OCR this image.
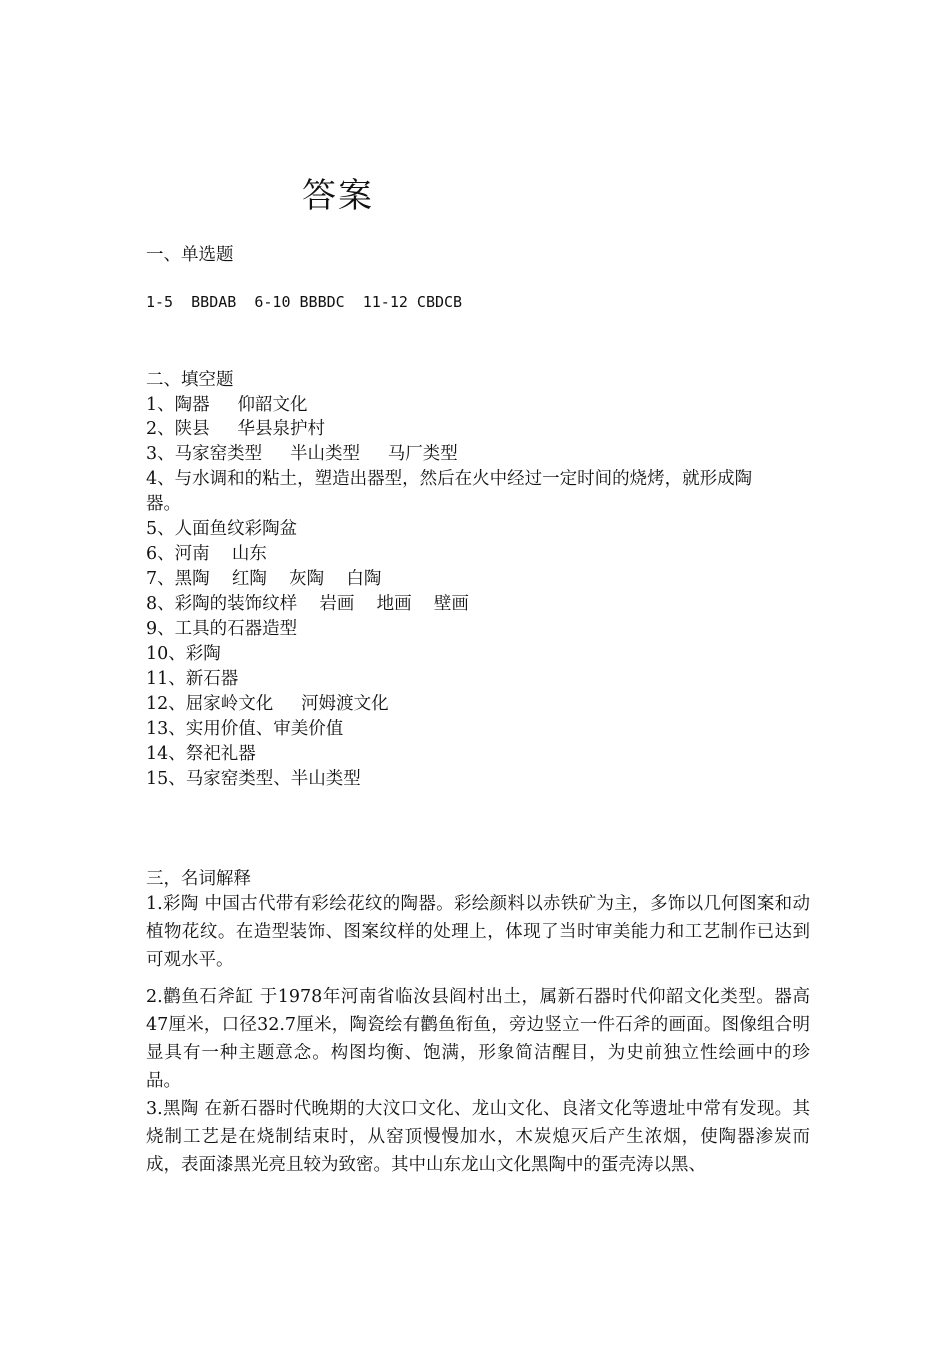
答案

一、单选题

1-5  BBDAB  6-10 BBBDC  11-12 CBDCB

二、填空题

1、陶器     仰韶文化

2、陕县     华县泉护村

3、马家窑类型     半山类型     马厂类型

4、与水调和的粘土，塑造出器型，然后在火中经过一定时间的烧烤，就形成陶

器。

5、人面鱼纹彩陶盆

6、河南    山东

7、黑陶    红陶    灰陶    白陶

8、彩陶的装饰纹样    岩画    地画    壁画

9、工具的石器造型

10、彩陶

11、新石器

12、屈家岭文化     河姆渡文化

13、实用价值、审美价值

14、祭祀礼器

15、马家窑类型、半山类型

三，名词解释

1.彩陶 中国古代带有彩绘花纹的陶器。彩绘颜料以赤铁矿为主，多饰以几何图案和动植物花纹。在造型装饰、图案纹样的处理上，体现了当时审美能力和工艺制作已达到可观水平。

2.鹳鱼石斧缸 于1978年河南省临汝县阎村出土，属新石器时代仰韶文化类型。器高47厘米，口径32.7厘米，陶瓷绘有鹳鱼衔鱼，旁边竖立一件石斧的画面。图像组合明显具有一种主题意念。构图均衡、饱满，形象简洁醒目，为史前独立性绘画中的珍品。

3.黑陶 在新石器时代晚期的大汶口文化、龙山文化、良渚文化等遗址中常有发现。其烧制工艺是在烧制结束时，从窑顶慢慢加水，木炭熄灭后产生浓烟，使陶器渗炭而成，表面漆黑光亮且较为致密。其中山东龙山文化黑陶中的蛋壳涛以黑、
